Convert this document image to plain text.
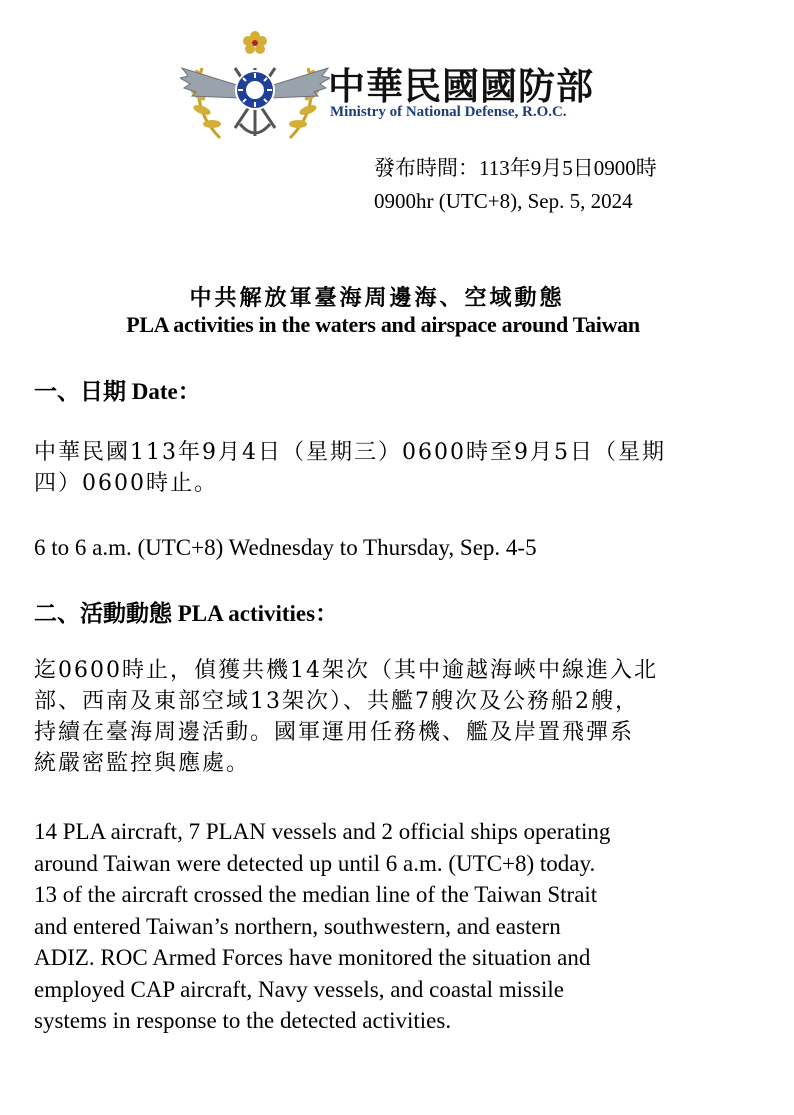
中華民國國防部
Ministry of National Defense, R.O.C.
發布時間：113年9月5日0900時
0900hr (UTC+8), Sep. 5, 2024
中共解放軍臺海周邊海、空域動態
PLA activities in the waters and airspace around Taiwan
一、日期 Date：
中華民國113年9月4日（星期三）0600時至9月5日（星期
四）0600時止。
6 to 6 a.m. (UTC+8) Wednesday to Thursday, Sep. 4-5
二、活動動態 PLA activities：
迄0600時止，偵獲共機14架次（其中逾越海峽中線進入北
部、西南及東部空域13架次）、共艦7艘次及公務船2艘，
持續在臺海周邊活動。國軍運用任務機、艦及岸置飛彈系
統嚴密監控與應處。
14 PLA aircraft, 7 PLAN vessels and 2 official ships operating
around Taiwan were detected up until 6 a.m. (UTC+8) today.
13 of the aircraft crossed the median line of the Taiwan Strait
and entered Taiwan’s northern, southwestern, and eastern
ADIZ. ROC Armed Forces have monitored the situation and
employed CAP aircraft, Navy vessels, and coastal missile
systems in response to the detected activities.
